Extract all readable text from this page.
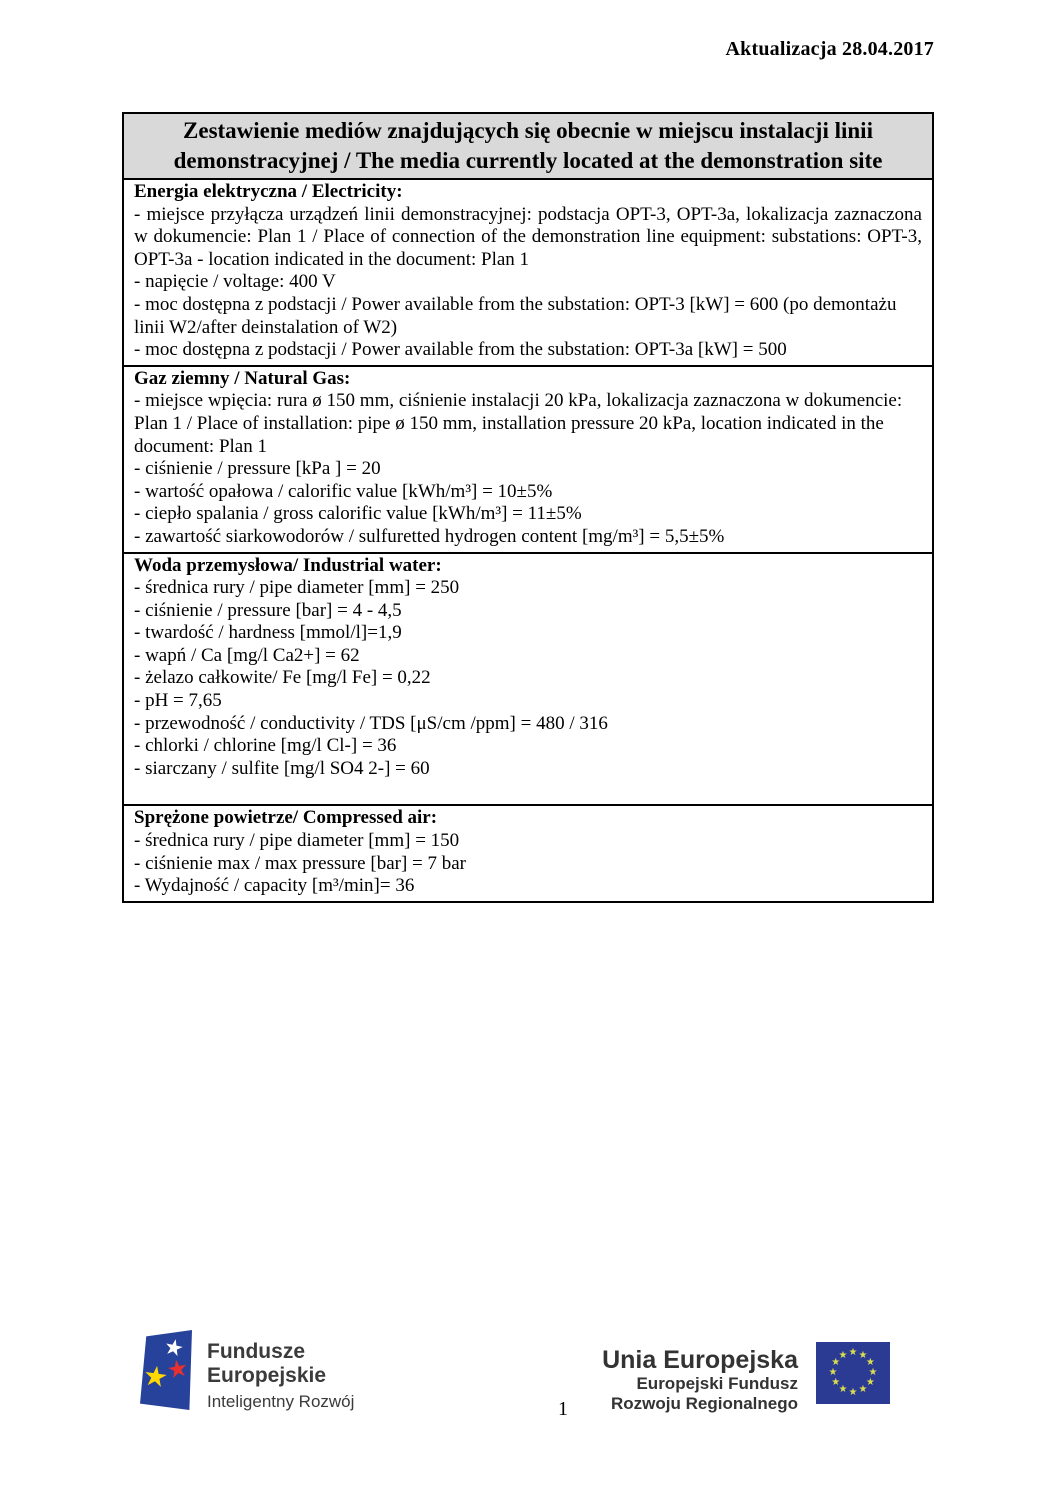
Aktualizacja 28.04.2017
Zestawienie mediów znajdujących się obecnie w miejscu instalacji linii demonstracyjnej / The media currently located at the demonstration site

Energia elektryczna / Electricity:

- miejsce przyłącza urządzeń linii demonstracyjnej: podstacja OPT-3, OPT-3a, lokalizacja zaznaczona w dokumencie: Plan 1 / Place of connection of the demonstration line equipment: substations: OPT-3, OPT-3a - location indicated in the document: Plan 1

- napięcie / voltage: 400 V

- moc dostępna z podstacji / Power available from the substation: OPT-3 [kW] = 600 (po demontażu linii W2/after deinstalation of W2)

- moc dostępna z podstacji / Power available from the substation: OPT-3a [kW] = 500

Gaz ziemny / Natural Gas:

- miejsce wpięcia: rura ø 150 mm, ciśnienie instalacji 20 kPa, lokalizacja zaznaczona w dokumencie: Plan 1 / Place of installation: pipe ø 150 mm, installation pressure 20 kPa, location indicated in the document: Plan 1

- ciśnienie / pressure [kPa ] = 20

- wartość opałowa / calorific value [kWh/m³] = 10±5%

- ciepło spalania / gross calorific value [kWh/m³] = 11±5%

- zawartość siarkowodorów / sulfuretted hydrogen content [mg/m³] = 5,5±5%

Woda przemysłowa/ Industrial water:

- średnica rury / pipe diameter [mm] = 250

- ciśnienie / pressure [bar] = 4 - 4,5

- twardość / hardness [mmol/l]=1,9

- wapń / Ca [mg/l Ca2+] = 62

- żelazo całkowite/ Fe [mg/l Fe] = 0,22

- pH = 7,65

- przewodność / conductivity / TDS [μS/cm /ppm] = 480 / 316

- chlorki / chlorine [mg/l Cl-] = 36

- siarczany / sulfite [mg/l SO4 2-] = 60

Sprężone powietrze/ Compressed air:

- średnica rury / pipe diameter [mm] = 150

- ciśnienie max / max pressure [bar] = 7 bar

- Wydajność / capacity [m³/min]= 36

★
★
★
Fundusze
Europejskie
Inteligentny Rozwój
Unia Europejska
Europejski Fundusz
Rozwoju Regionalnego
★ ★
★
★
★
★
★
★
★
★
★
★
1
